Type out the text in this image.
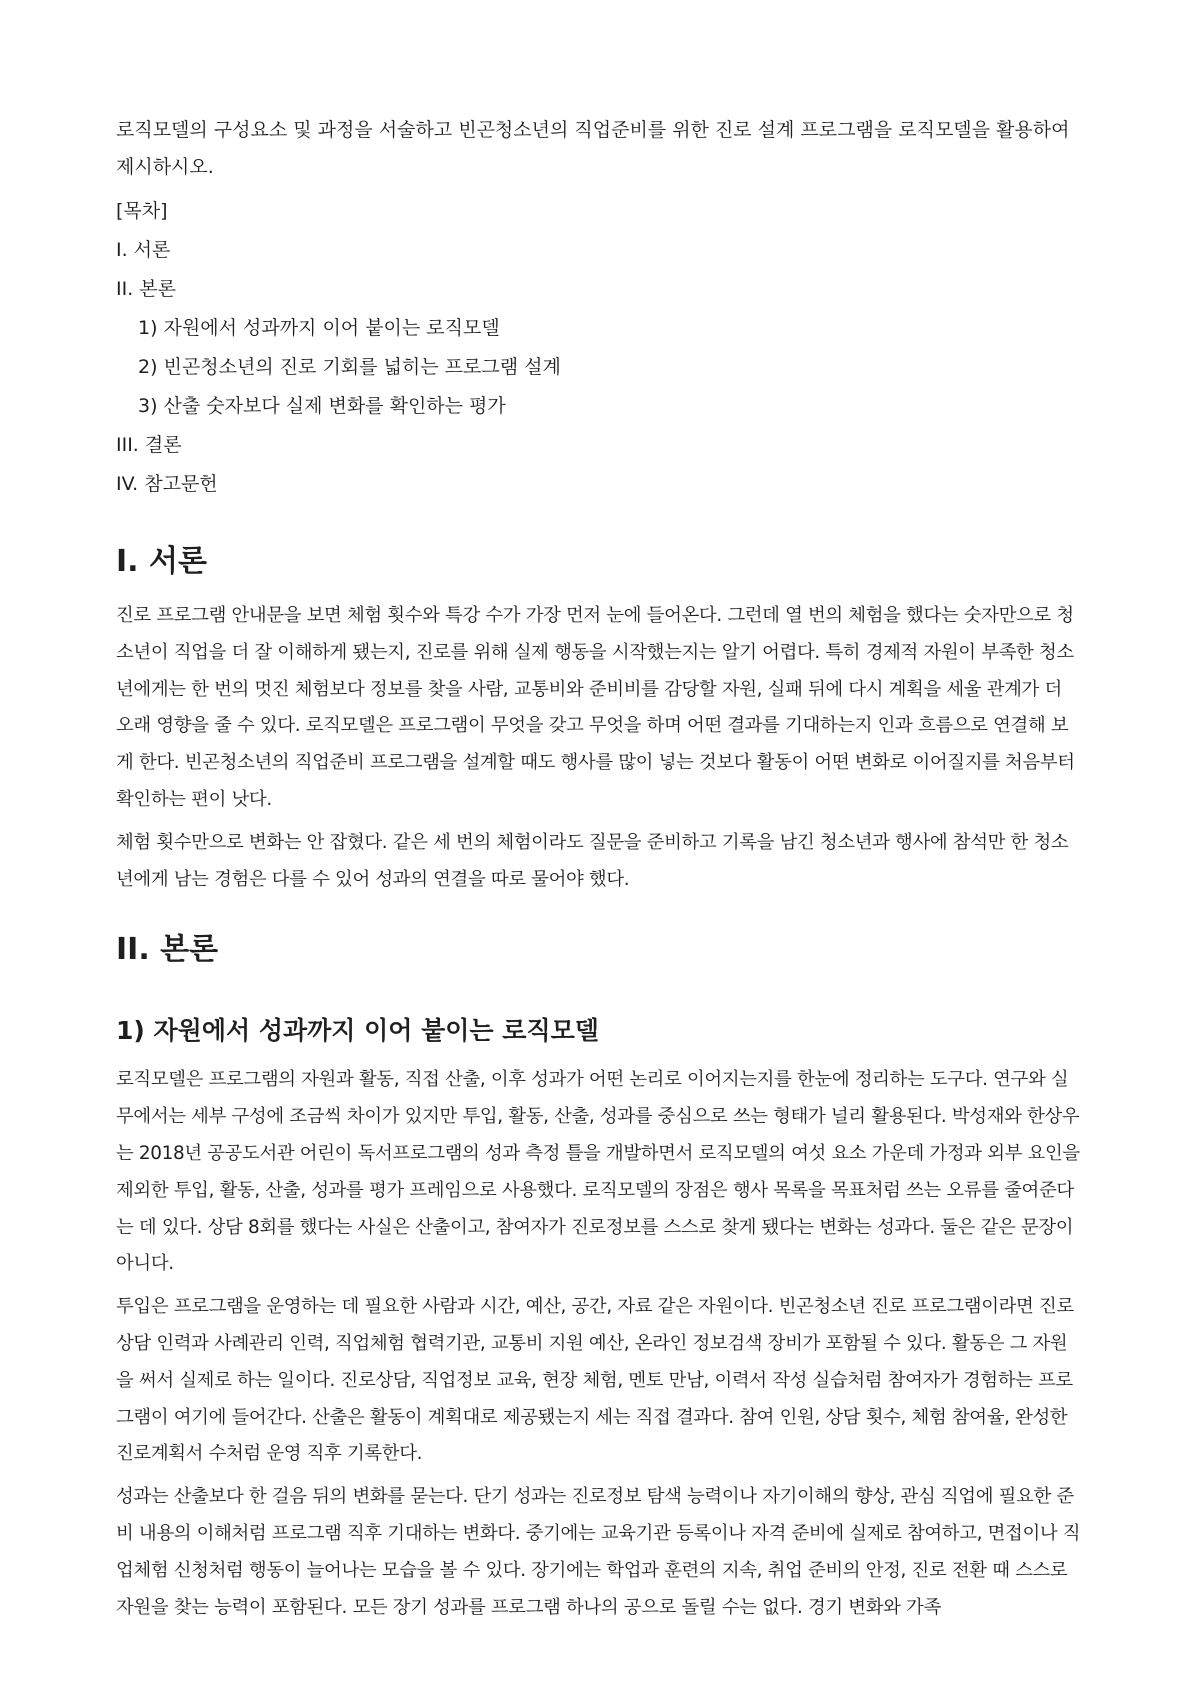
로직모델의 구성요소 및 과정을 서술하고 빈곤청소년의 직업준비를 위한 진로 설계 프로그램을 로직모델을 활용하여 제시하시오.

[목차]

I. 서론

II. 본론

1) 자원에서 성과까지 이어 붙이는 로직모델

2) 빈곤청소년의 진로 기회를 넓히는 프로그램 설계

3) 산출 숫자보다 실제 변화를 확인하는 평가

III. 결론

IV. 참고문헌

I. 서론

진로 프로그램 안내문을 보면 체험 횟수와 특강 수가 가장 먼저 눈에 들어온다. 그런데 열 번의 체험을 했다는 숫자만으로 청소년이 직업을 더 잘 이해하게 됐는지, 진로를 위해 실제 행동을 시작했는지는 알기 어렵다. 특히 경제적 자원이 부족한 청소년에게는 한 번의 멋진 체험보다 정보를 찾을 사람, 교통비와 준비비를 감당할 자원, 실패 뒤에 다시 계획을 세울 관계가 더 오래 영향을 줄 수 있다. 로직모델은 프로그램이 무엇을 갖고 무엇을 하며 어떤 결과를 기대하는지 인과 흐름으로 연결해 보게 한다. 빈곤청소년의 직업준비 프로그램을 설계할 때도 행사를 많이 넣는 것보다 활동이 어떤 변화로 이어질지를 처음부터 확인하는 편이 낫다.

체험 횟수만으로 변화는 안 잡혔다. 같은 세 번의 체험이라도 질문을 준비하고 기록을 남긴 청소년과 행사에 참석만 한 청소년에게 남는 경험은 다를 수 있어 성과의 연결을 따로 물어야 했다.

II. 본론
1) 자원에서 성과까지 이어 붙이는 로직모델

로직모델은 프로그램의 자원과 활동, 직접 산출, 이후 성과가 어떤 논리로 이어지는지를 한눈에 정리하는 도구다. 연구와 실무에서는 세부 구성에 조금씩 차이가 있지만 투입, 활동, 산출, 성과를 중심으로 쓰는 형태가 널리 활용된다. 박성재와 한상우는 2018년 공공도서관 어린이 독서프로그램의 성과 측정 틀을 개발하면서 로직모델의 여섯 요소 가운데 가정과 외부 요인을 제외한 투입, 활동, 산출, 성과를 평가 프레임으로 사용했다. 로직모델의 장점은 행사 목록을 목표처럼 쓰는 오류를 줄여준다는 데 있다. 상담 8회를 했다는 사실은 산출이고, 참여자가 진로정보를 스스로 찾게 됐다는 변화는 성과다. 둘은 같은 문장이 아니다.

투입은 프로그램을 운영하는 데 필요한 사람과 시간, 예산, 공간, 자료 같은 자원이다. 빈곤청소년 진로 프로그램이라면 진로상담 인력과 사례관리 인력, 직업체험 협력기관, 교통비 지원 예산, 온라인 정보검색 장비가 포함될 수 있다. 활동은 그 자원을 써서 실제로 하는 일이다. 진로상담, 직업정보 교육, 현장 체험, 멘토 만남, 이력서 작성 실습처럼 참여자가 경험하는 프로그램이 여기에 들어간다. 산출은 활동이 계획대로 제공됐는지 세는 직접 결과다. 참여 인원, 상담 횟수, 체험 참여율, 완성한 진로계획서 수처럼 운영 직후 기록한다.

성과는 산출보다 한 걸음 뒤의 변화를 묻는다. 단기 성과는 진로정보 탐색 능력이나 자기이해의 향상, 관심 직업에 필요한 준비 내용의 이해처럼 프로그램 직후 기대하는 변화다. 중기에는 교육기관 등록이나 자격 준비에 실제로 참여하고, 면접이나 직업체험 신청처럼 행동이 늘어나는 모습을 볼 수 있다. 장기에는 학업과 훈련의 지속, 취업 준비의 안정, 진로 전환 때 스스로 자원을 찾는 능력이 포함된다. 모든 장기 성과를 프로그램 하나의 공으로 돌릴 수는 없다. 경기 변화와 가족
